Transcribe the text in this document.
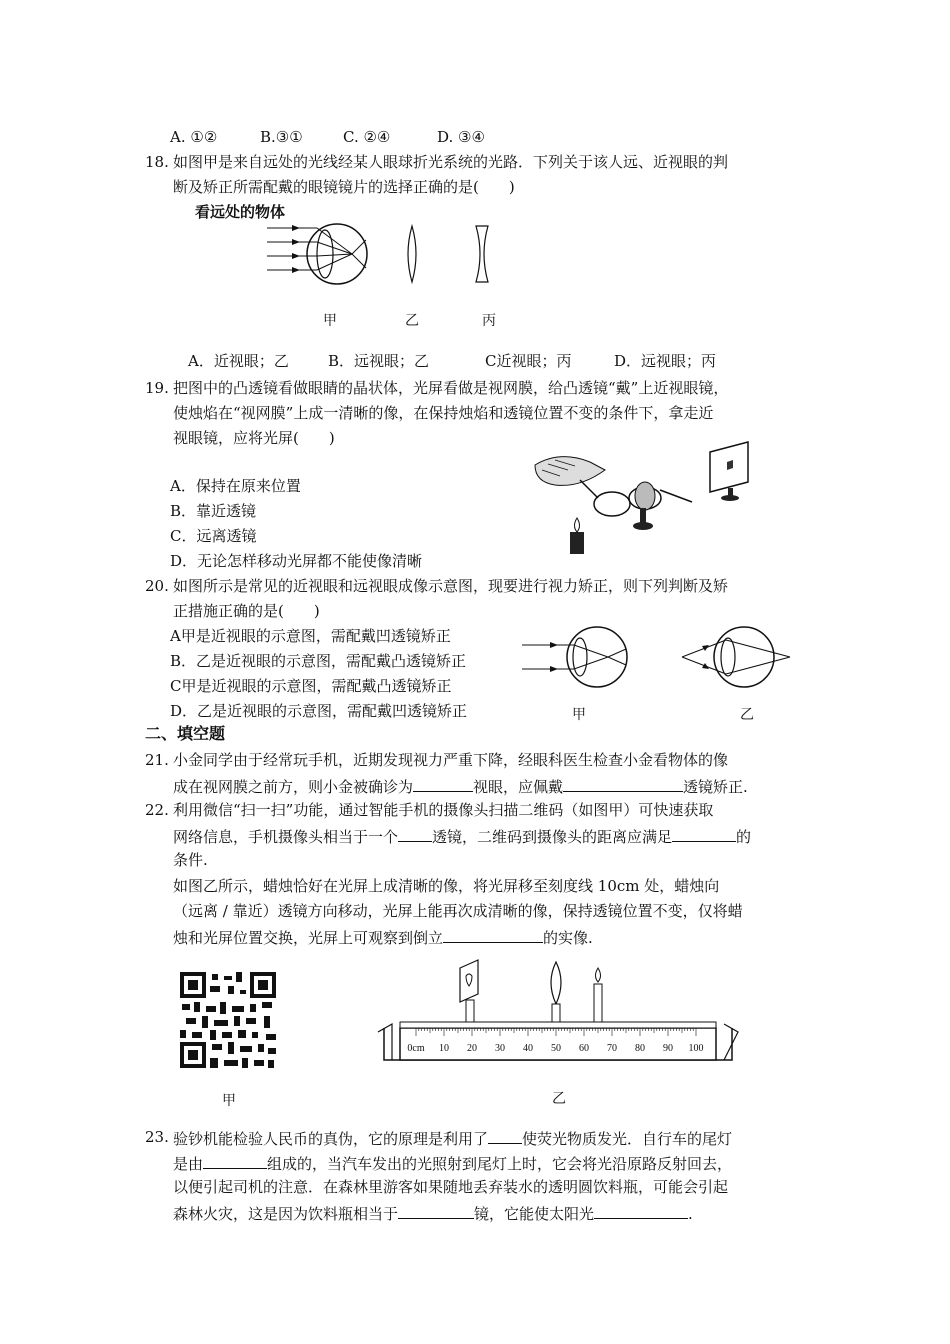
A. ①②	B.③①	C. ②④	D. ③④
18. 如图甲是来自远处的光线经某人眼球折光系统的光路．下列关于该人远、近视眼的判
断及矫正所需配戴的眼镜镜片的选择正确的是(　　)
看远处的物体
甲	乙	丙
A．近视眼；乙	B．远视眼；乙	C近视眼；丙	D．远视眼；丙
19. 把图中的凸透镜看做眼睛的晶状体，光屏看做是视网膜，给凸透镜“戴”上近视眼镜，
使烛焰在“视网膜”上成一清晰的像，在保持烛焰和透镜位置不变的条件下，拿走近
视眼镜，应将光屏(　　)
A．保持在原来位置
B．靠近透镜
C．远离透镜
D．无论怎样移动光屏都不能使像清晰
20. 如图所示是常见的近视眼和远视眼成像示意图，现要进行视力矫正，则下列判断及矫
正措施正确的是(　　)
A甲是近视眼的示意图，需配戴凹透镜矫正
B．乙是近视眼的示意图，需配戴凸透镜矫正
C甲是近视眼的示意图，需配戴凸透镜矫正
D．乙是近视眼的示意图，需配戴凹透镜矫正	甲	乙
二、填空题
21. 小金同学由于经常玩手机，近期发现视力严重下降，经眼科医生检查小金看物体的像
成在视网膜之前方，则小金被确诊为	视眼，应佩戴	透镜矫正.
22. 利用微信“扫一扫”功能，通过智能手机的摄像头扫描二维码（如图甲）可快速获取
网络信息，手机摄像头相当于一个 透镜，二维码到摄像头的距离应满足	的
条件.
如图乙所示，蜡烛恰好在光屏上成清晰的像，将光屏移至刻度线 10cm 处，蜡烛向
（远离 / 靠近）透镜方向移动，光屏上能再次成清晰的像，保持透镜位置不变，仅将蜡
烛和光屏位置交换，光屏上可观察到倒立	的实像.
甲
0cm 10 20 30 40 50 60 70 80 90 100
乙
23. 验钞机能检验人民币的真伪，它的原理是利用了 使荧光物质发光．自行车的尾灯
是由	组成的，当汽车发出的光照射到尾灯上时，它会将光沿原路反射回去，
以便引起司机的注意．在森林里游客如果随地丢弃装水的透明圆饮料瓶，可能会引起
森林火灾，这是因为饮料瓶相当于	镜，它能使太阳光	.
